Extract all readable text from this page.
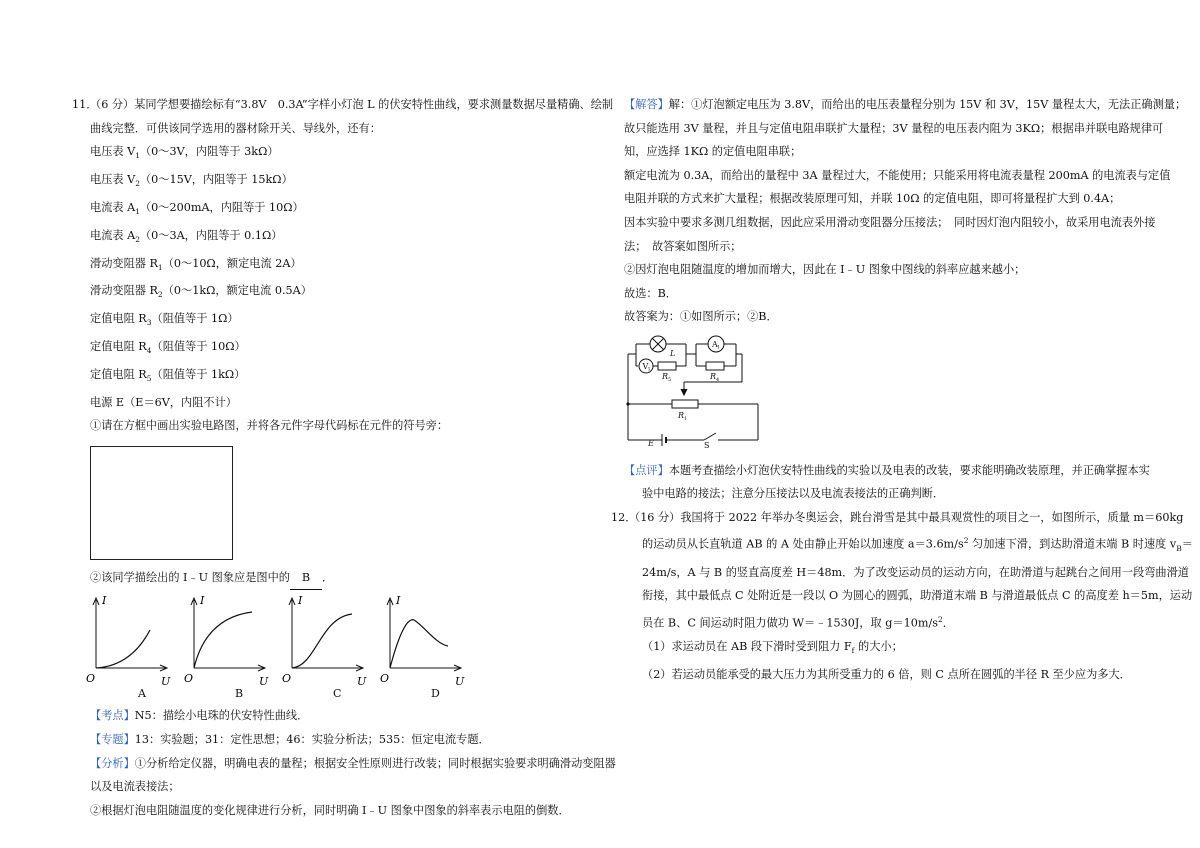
11．（6 分）某同学想要描绘标有“3.8V　0.3A”字样小灯泡 L 的伏安特性曲线，要求测量数据尽量精确、绘制

曲线完整．可供该同学选用的器材除开关、导线外，还有：

电压表 $V_1(0\sim 3V$，内阻等于 3kΩ）

电压表 $V_2(0\sim 15V$，内阻等于 15kΩ）

电流表 $A_1(0\sim 200mA$，内阻等于 10Ω）

电流表 $A_2(0\sim 3A$，内阻等于 0.1Ω）

滑动变阻器 $R_1(0\sim 10\Omega$，额定电流 2A）

滑动变阻器 $R_2(0\sim 1k\Omega$，额定电流 0.5A）

定值电阻 $R_3$（阻值等于 1Ω）

定值电阻 $R_4$（阻值等于 10Ω）

定值电阻 $R_5$（阻值等于 1kΩ）

电源 E（E＝6V，内阻不计）

①请在方框中画出实验电路图，并将各元件字母代码标在元件的符号旁：

②该同学描绘出的 I﹣U 图象应是图中的 B ．

I
O	U
I
O	U
I
O	U
I
O	U
A	B	C	D

【考点】N5：描绘小电珠的伏安特性曲线．

【专题】13：实验题；31：定性思想；46：实验分析法；535：恒定电流专题．

【分析】①分析给定仪器，明确电表的量程；根据安全性原则进行改装；同时根据实验要求明确滑动变阻器

以及电流表接法；

②根据灯泡电阻随温度的变化规律进行分析，同时明确 I﹣U 图象中图象的斜率表示电阻的倒数．

【解答】解：①灯泡额定电压为 3.8V，而给出的电压表量程分别为 15V 和 3V，15V 量程太大，无法正确测量；

故只能选用 3V 量程，并且与定值电阻串联扩大量程；3V 量程的电压表内阻为 3KΩ；根据串并联电路规律可

知，应选择 1KΩ 的定值电阻串联；

额定电流为 0.3A，而给出的量程中 3A 量程过大，不能使用；只能采用将电流表量程 200mA 的电流表与定值

电阻并联的方式来扩大量程；根据改装原理可知，并联 10Ω 的定值电阻，即可将量程扩大到 0.4A；

因本实验中要求多测几组数据，因此应采用滑动变阻器分压接法；　同时因灯泡内阻较小，故采用电流表外接

法；　故答案如图所示；

②因灯泡电阻随温度的增加而增大，因此在 I﹣U 图象中图线的斜率应越来越小；

故选：B．

故答案为：①如图所示；②B．

V 1
A 1
L
R 5	R 4
R 1
E	S

【点评】本题考查描绘小灯泡伏安特性曲线的实验以及电表的改装，要求能明确改装原理，并正确掌握本实

验中电路的接法；注意分压接法以及电流表接法的正确判断．

12．（16 分）我国将于 2022 年举办冬奥运会，跳台滑雪是其中最具观赏性的项目之一，如图所示，质量 m＝60kg

的运动员从长直轨道 AB 的 A 处由静止开始以加速度 $a=3.6m/s^2$ 匀加速下滑，到达助滑道末端 B 时速度 $v_B=$

24m/s，A 与 B 的竖直高度差 H＝48m．为了改变运动员的运动方向，在助滑道与起跳台之间用一段弯曲滑道

衔接，其中最低点 C 处附近是一段以 O 为圆心的圆弧，助滑道末端 B 与滑道最低点 C 的高度差 h＝5m，运动

员在 B、C 间运动时阻力做功 W＝﹣1530J，取 $g=10m/s^2$．

（1）求运动员在 AB 段下滑时受到阻力 $F_f$ 的大小；

（2）若运动员能承受的最大压力为其所受重力的 6 倍，则 C 点所在圆弧的半径 R 至少应为多大．
